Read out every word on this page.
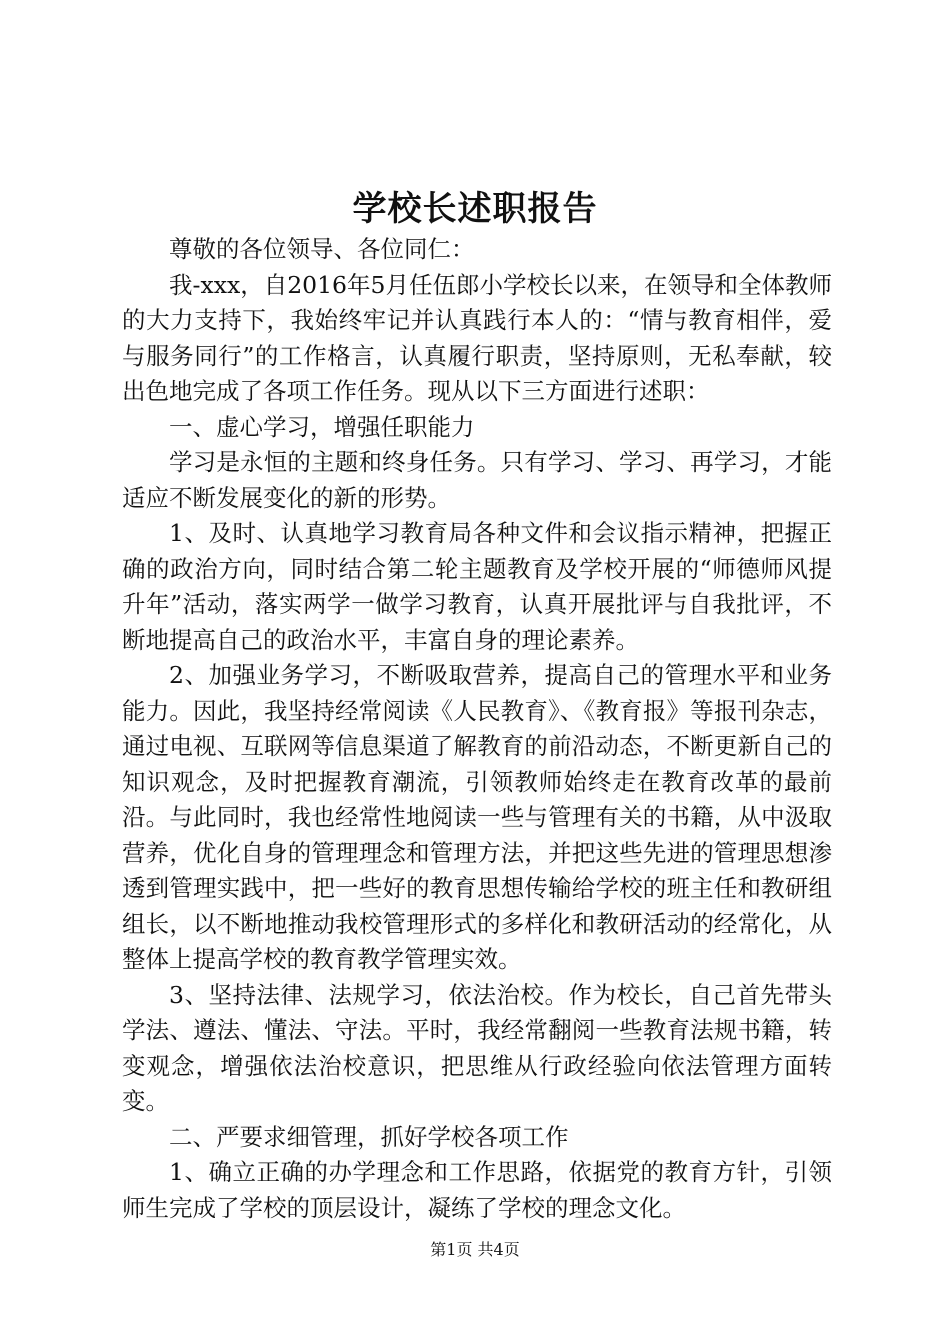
学校长述职报告

尊敬的各位领导、各位同仁：

我-xxx，自2016年5月任伍郎小学校长以来，在领导和全体教师的大力支持下，我始终牢记并认真践行本人的：“情与教育相伴，爱与服务同行”的工作格言，认真履行职责，坚持原则，无私奉献，较出色地完成了各项工作任务。现从以下三方面进行述职：

一、虚心学习，增强任职能力

学习是永恒的主题和终身任务。只有学习、学习、再学习，才能适应不断发展变化的新的形势。

1、及时、认真地学习教育局各种文件和会议指示精神，把握正确的政治方向，同时结合第二轮主题教育及学校开展的“师德师风提升年”活动，落实两学一做学习教育，认真开展批评与自我批评，不断地提高自己的政治水平，丰富自身的理论素养。

2、加强业务学习，不断吸取营养，提高自己的管理水平和业务能力。因此，我坚持经常阅读《人民教育》、《教育报》等报刊杂志，通过电视、互联网等信息渠道了解教育的前沿动态，不断更新自己的知识观念，及时把握教育潮流，引领教师始终走在教育改革的最前沿。与此同时，我也经常性地阅读一些与管理有关的书籍，从中汲取营养，优化自身的管理理念和管理方法，并把这些先进的管理思想渗透到管理实践中，把一些好的教育思想传输给学校的班主任和教研组组长，以不断地推动我校管理形式的多样化和教研活动的经常化，从整体上提高学校的教育教学管理实效。

3、坚持法律、法规学习，依法治校。作为校长，自己首先带头学法、遵法、懂法、守法。平时，我经常翻阅一些教育法规书籍，转变观念，增强依法治校意识，把思维从行政经验向依法管理方面转变。

二、严要求细管理，抓好学校各项工作

1、确立正确的办学理念和工作思路，依据党的教育方针，引领师生完成了学校的顶层设计，凝练了学校的理念文化。

第1页 共4页
